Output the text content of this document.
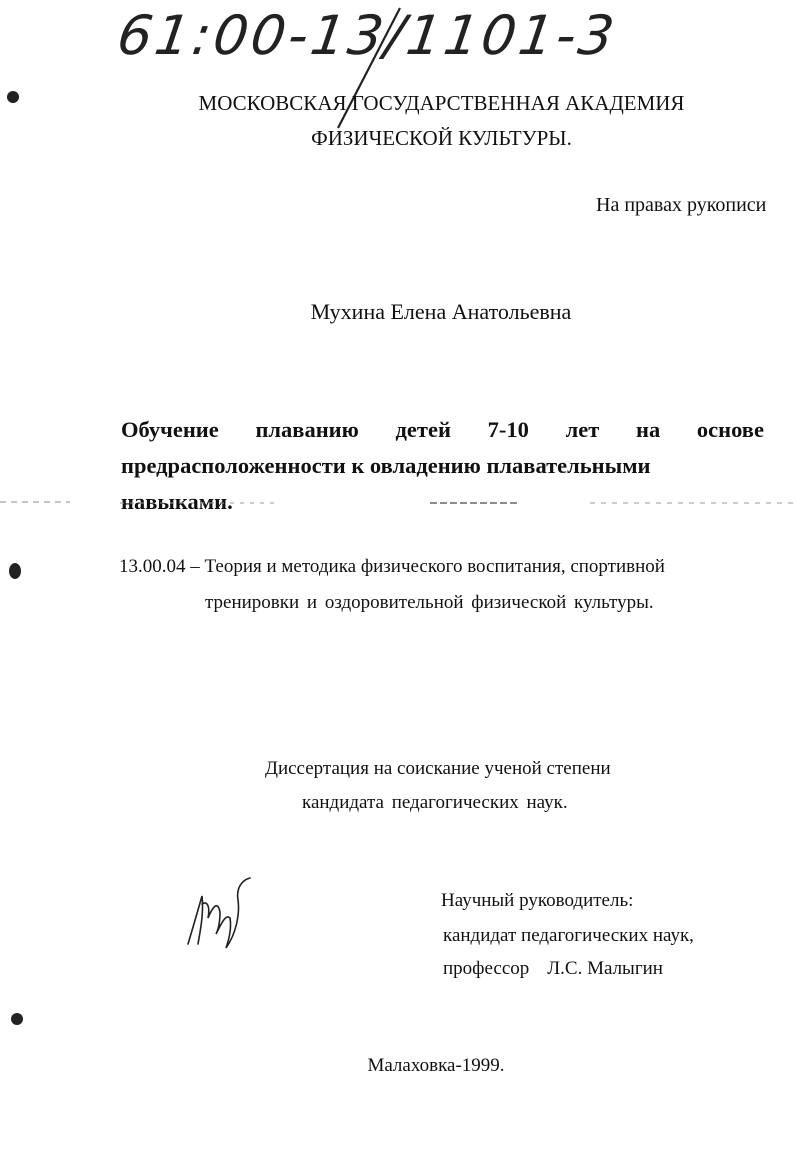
61:00-13/1101-3
МОСКОВСКАЯ ГОСУДАРСТВЕННАЯ АКАДЕМИЯ
ФИЗИЧЕСКОЙ КУЛЬТУРЫ.
На правах рукописи
Мухина Елена Анатольевна
Обучение плаванию детей 7-10 лет на основе
предрасположенности к овладению плавательными навыками.
13.00.04 – Теория и методика физического воспитания, спортивной
тренировки и оздоровительной физической культуры.
Диссертация на соискание ученой степени
кандидата педагогических наук.
Научный руководитель:
кандидат педагогических наук,
профессор Л.С. Малыгин
Малаховка-1999.
